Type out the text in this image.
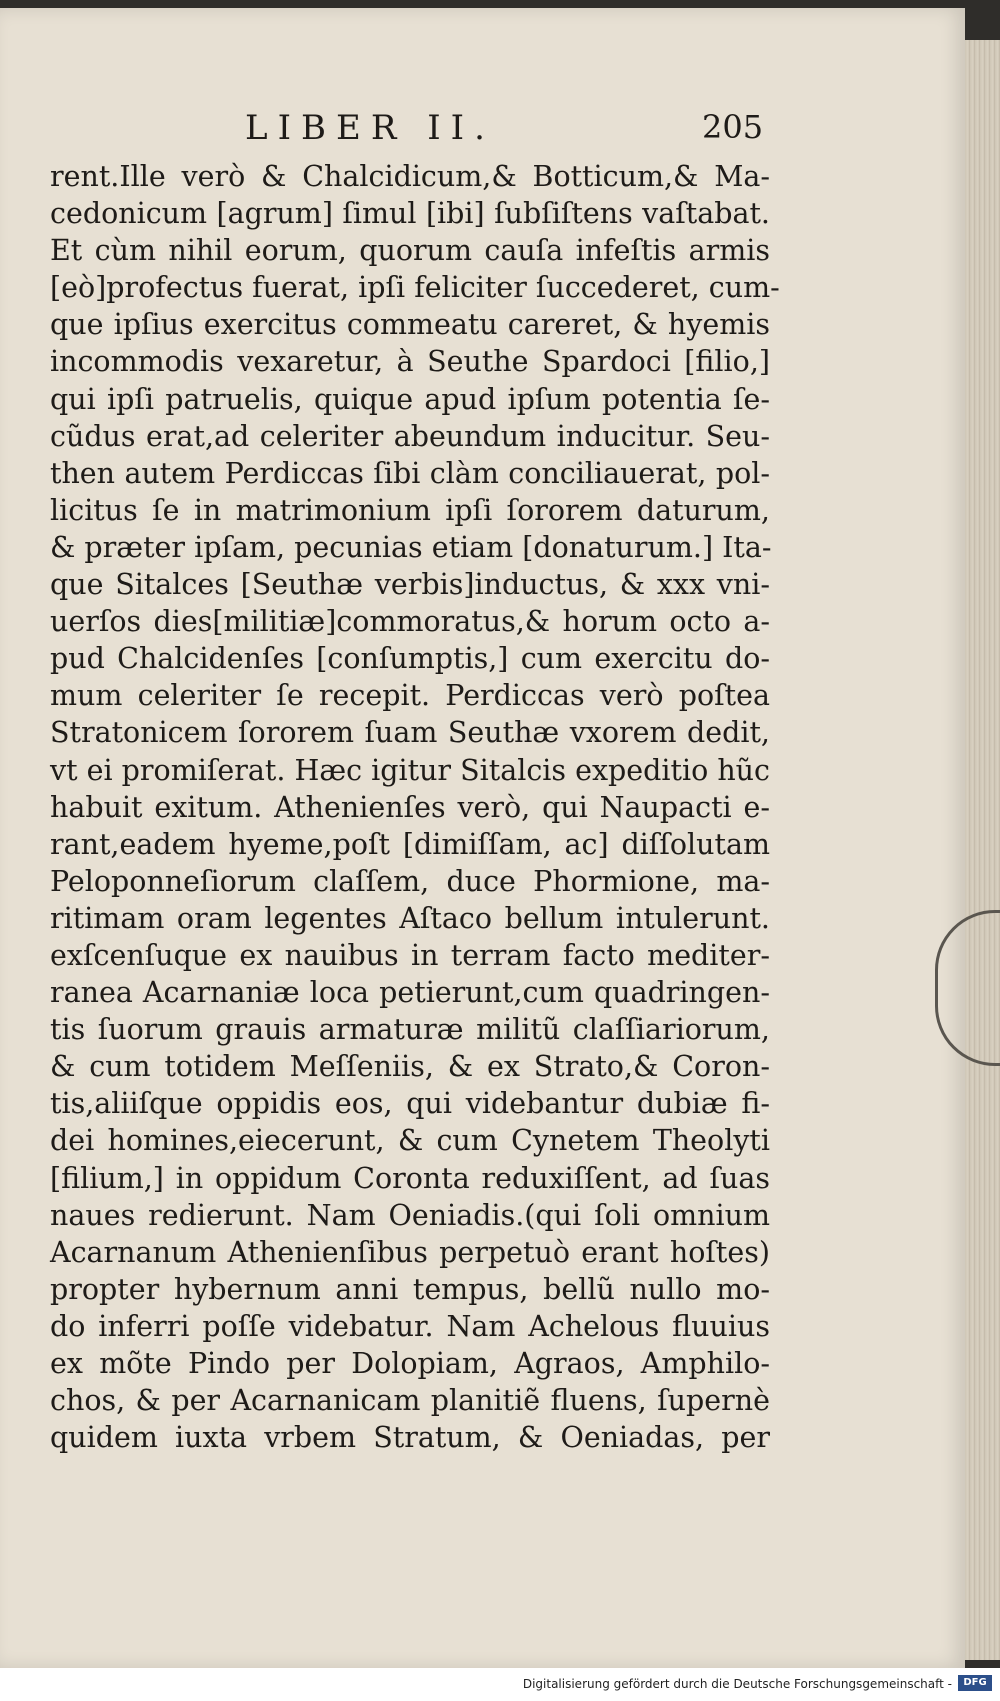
LIBER II.	205
rent.Ille verò & Chalcidicum,& Botticum,& Ma-
cedonicum [agrum] ſimul [ibi] ſubſiſtens vaſtabat.
Et cùm nihil eorum, quorum cauſa infeſtis armis
[eò]profectus fuerat, ipſi feliciter ſuccederet, cum-
que ipſius exercitus commeatu careret, & hyemis
incommodis vexaretur, à Seuthe Spardoci [filio,]
qui ipſi patruelis, quique apud ipſum potentia ſe-
cũdus erat,ad celeriter abeundum inducitur. Seu-
then autem Perdiccas ſibi clàm conciliauerat, pol-
licitus ſe in matrimonium ipſi ſororem daturum,
& præter ipſam, pecunias etiam [donaturum.] Ita-
que Sitalces [Seuthæ verbis]inductus, & xxx vni-
uerſos dies[militiæ]commoratus,& horum octo a-
pud Chalcidenſes [conſumptis,] cum exercitu do-
mum celeriter ſe recepit. Perdiccas verò poſtea
Stratonicem ſororem ſuam Seuthæ vxorem dedit,
vt ei promiſerat. Hæc igitur Sitalcis expeditio hũc
habuit exitum. Athenienſes verò, qui Naupacti e-
rant,eadem hyeme,poſt [dimiſſam, ac] diſſolutam
Peloponneſiorum claſſem, duce Phormione, ma-
ritimam oram legentes Aſtaco bellum intulerunt.
exſcenſuque ex nauibus in terram facto mediter-
ranea Acarnaniæ loca petierunt,cum quadringen-
tis ſuorum grauis armaturæ militũ claſſiariorum,
& cum totidem Meſſeniis, & ex Strato,& Coron-
tis,aliiſque oppidis eos, qui videbantur dubiæ fi-
dei homines,eiecerunt, & cum Cynetem Theolyti
[filium,] in oppidum Coronta reduxiſſent, ad ſuas
naues redierunt. Nam Oeniadis.(qui ſoli omnium
Acarnanum Athenienſibus perpetuò erant hoſtes)
propter hybernum anni tempus, bellũ nullo mo-
do inferri poſſe videbatur. Nam Achelous fluuius
ex mõte Pindo per Dolopiam, Agraos, Amphilo-
chos, & per Acarnanicam planitiẽ fluens, ſupernè
quidem iuxta vrbem Stratum, & Oeniadas, per
Digitalisierung gefördert durch die Deutsche Forschungsgemeinschaft -	DFG
